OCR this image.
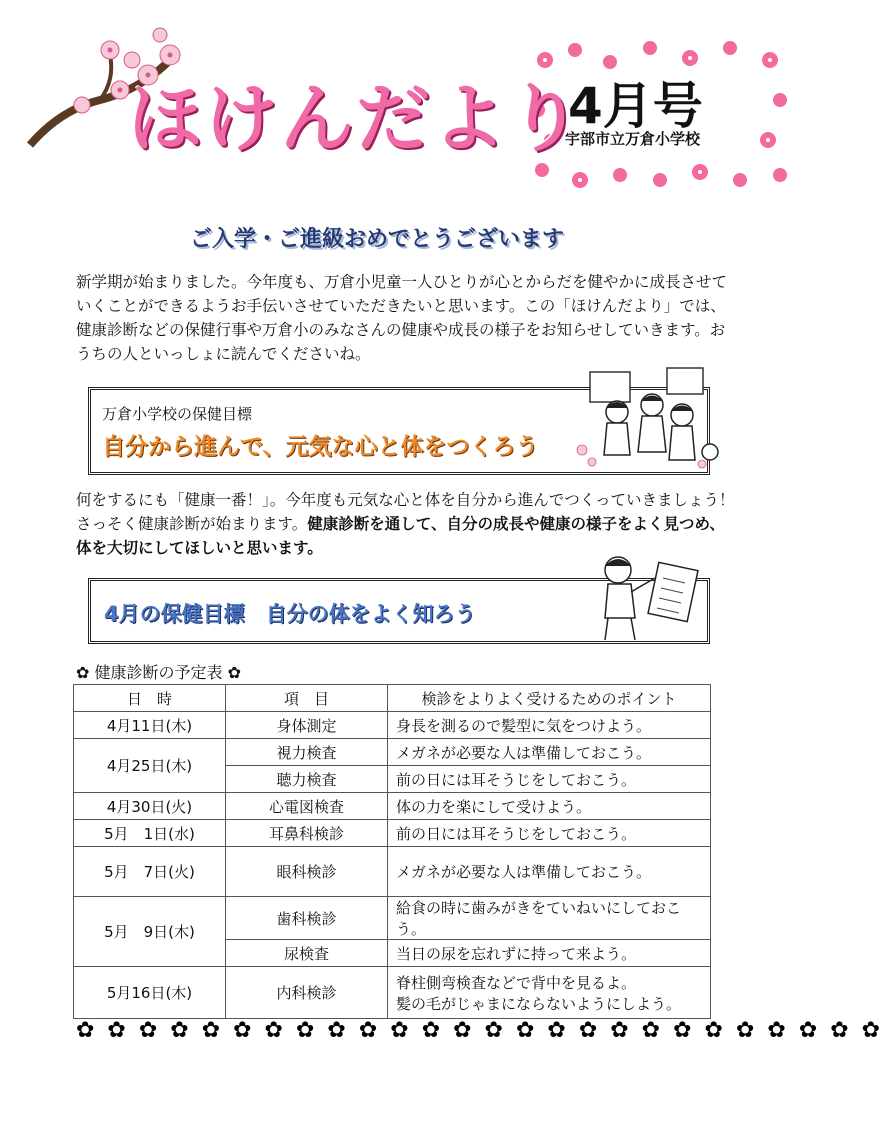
ほけんだより
4月号
宇部市立万倉小学校
ご入学・ご進級おめでとうございます
新学期が始まりました。今年度も、万倉小児童一人ひとりが心とからだを健やかに成長させていくことができるようお手伝いさせていただきたいと思います。この「ほけんだより」では、健康診断などの保健行事や万倉小のみなさんの健康や成長の様子をお知らせしていきます。おうちの人といっしょに読んでくださいね。
万倉小学校の保健目標
自分から進んで、元気な心と体をつくろう
何をするにも「健康一番！」。今年度も元気な心と体を自分から進んでつくっていきましょう！さっそく健康診断が始まります。健康診断を通して、自分の成長や健康の様子をよく見つめ、体を大切にしてほしいと思います。
4月の保健目標　自分の体をよく知ろう
✿ 健康診断の予定表 ✿
日　時	項　目	検診をよりよく受けるためのポイント
4月11日(木)	身体測定	身長を測るので髪型に気をつけよう。
4月25日(木)	視力検査	メガネが必要な人は準備しておこう。
	聴力検査	前の日には耳そうじをしておこう。
4月30日(火)	心電図検査	体の力を楽にして受けよう。
5月　1日(水)	耳鼻科検診	前の日には耳そうじをしておこう。
5月　7日(火)	眼科検診	メガネが必要な人は準備しておこう。
5月　9日(木)	歯科検診	給食の時に歯みがきをていねいにしておこう。
	尿検査	当日の尿を忘れずに持って来よう。
5月16日(木)	内科検診	脊柱側弯検査などで背中を見るよ。
髪の毛がじゃまにならないようにしよう。
✿ ✿ ✿ ✿ ✿ ✿ ✿ ✿ ✿ ✿ ✿ ✿ ✿ ✿ ✿ ✿ ✿ ✿ ✿ ✿ ✿ ✿ ✿ ✿ ✿ ✿
